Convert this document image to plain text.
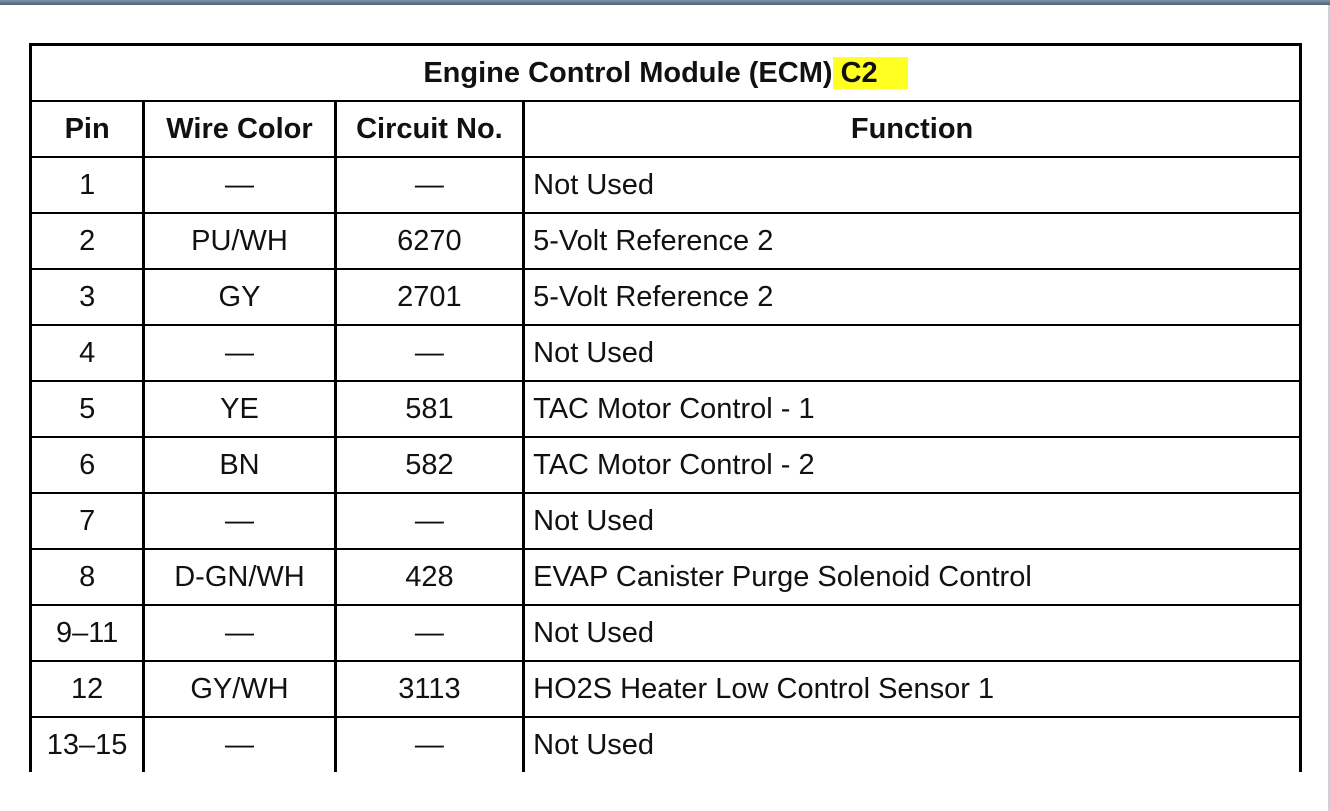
Engine Control Module (ECM) C2			
Pin	Wire Color	Circuit No.	Function
1	—	—	Not Used
2	PU/WH	6270	5-Volt Reference 2
3	GY	2701	5-Volt Reference 2
4	—	—	Not Used
5	YE	581	TAC Motor Control - 1
6	BN	582	TAC Motor Control - 2
7	—	—	Not Used
8	D-GN/WH	428	EVAP Canister Purge Solenoid Control
9–11	—	—	Not Used
12	GY/WH	3113	HO2S Heater Low Control Sensor 1
13–15	—	—	Not Used
